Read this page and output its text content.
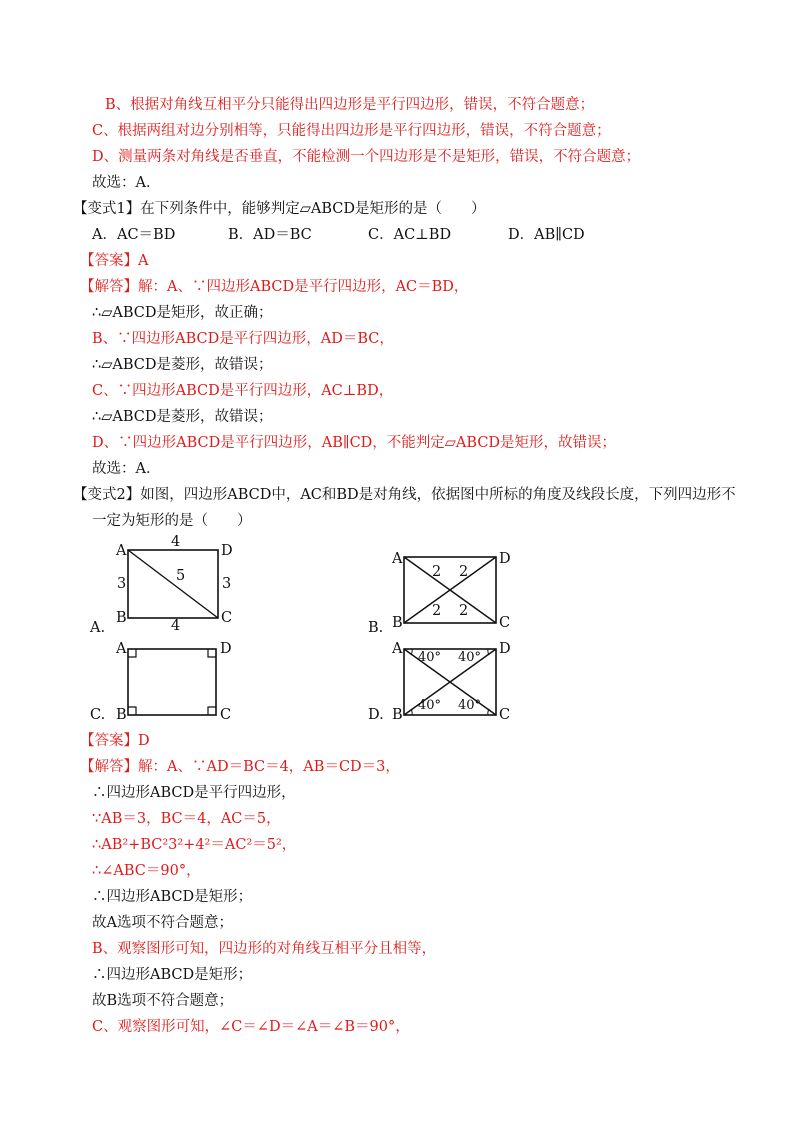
B、根据对角线互相平分只能得出四边形是平行四边形，错误，不符合题意；
C、根据两组对边分别相等，只能得出四边形是平行四边形，错误，不符合题意；
D、测量两条对角线是否垂直，不能检测一个四边形是不是矩形，错误，不符合题意；
故选：A．
【变式1】在下列条件中，能够判定▱ABCD是矩形的是（　　）
A．AC＝BD	B．AD＝BC	C．AC⊥BD	D．AB∥CD
【答案】A
【解答】解：A、∵四边形ABCD是平行四边形，AC＝BD，
∴▱ABCD是矩形，故正确；
B、∵四边形ABCD是平行四边形，AD＝BC，
∴▱ABCD是菱形，故错误；
C、∵四边形ABCD是平行四边形，AC⊥BD，
∴▱ABCD是菱形，故错误；
D、∵四边形ABCD是平行四边形，AB∥CD，不能判定▱ABCD是矩形，故错误；
故选：A．
【变式2】如图，四边形ABCD中，AC和BD是对角线，依据图中所标的角度及线段长度，下列四边形不
一定为矩形的是（　　）
A	D
B	C
4
4
3	3
5
A.
A	D
B	C
2 2
2 2
B.
A	D
B	C
C.
A	D
B	C
40° 40°
40° 40°
D.
【答案】D
【解答】解：A、∵AD＝BC＝4，AB＝CD＝3，
∴四边形ABCD是平行四边形，
∵AB＝3，BC＝4，AC＝5，
∴AB²+BC²3²+4²＝AC²＝5²，
∴∠ABC＝90°，
∴四边形ABCD是矩形；
故A选项不符合题意；
B、观察图形可知，四边形的对角线互相平分且相等，
∴四边形ABCD是矩形；
故B选项不符合题意；
C、观察图形可知，∠C＝∠D＝∠A＝∠B＝90°，
